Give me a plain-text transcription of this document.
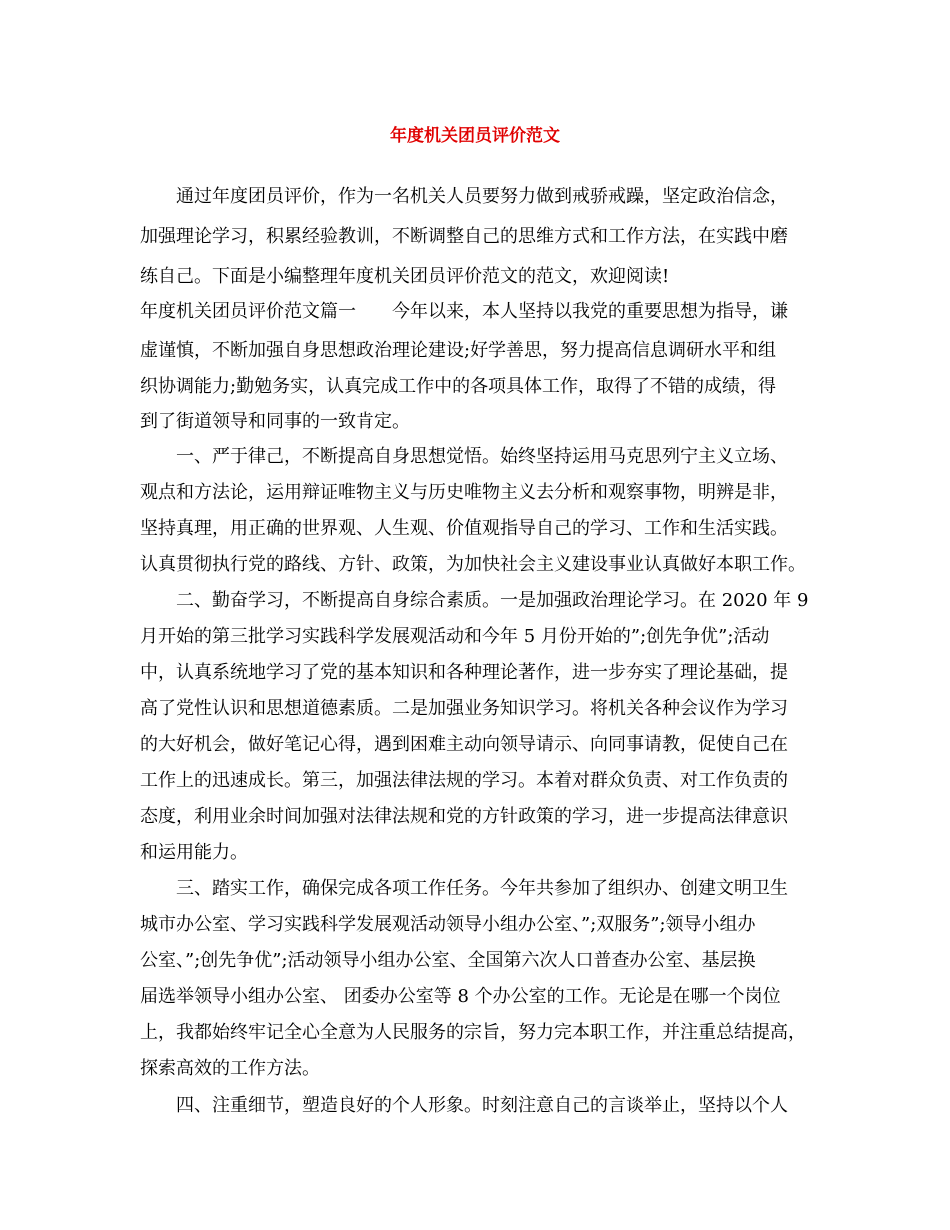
年度机关团员评价范文
　　通过年度团员评价，作为一名机关人员要努力做到戒骄戒躁，坚定政治信念，
加强理论学习，积累经验教训，不断调整自己的思维方式和工作方法，在实践中磨
练自己。下面是小编整理年度机关团员评价范文的范文，欢迎阅读!
年度机关团员评价范文篇一　　今年以来，本人坚持以我党的重要思想为指导，谦
虚谨慎，不断加强自身思想政治理论建设;好学善思，努力提高信息调研水平和组
织协调能力;勤勉务实，认真完成工作中的各项具体工作，取得了不错的成绩，得
到了街道领导和同事的一致肯定。
　　一、严于律己，不断提高自身思想觉悟。始终坚持运用马克思列宁主义立场、
观点和方法论，运用辩证唯物主义与历史唯物主义去分析和观察事物，明辨是非，
坚持真理，用正确的世界观、人生观、价值观指导自己的学习、工作和生活实践。
认真贯彻执行党的路线、方针、政策，为加快社会主义建设事业认真做好本职工作。
　　二、勤奋学习，不断提高自身综合素质。一是加强政治理论学习。在 2020 年 9
月开始的第三批学习实践科学发展观活动和今年 5 月份开始的”;创先争优”;活动
中，认真系统地学习了党的基本知识和各种理论著作，进一步夯实了理论基础，提
高了党性认识和思想道德素质。二是加强业务知识学习。将机关各种会议作为学习
的大好机会，做好笔记心得，遇到困难主动向领导请示、向同事请教，促使自己在
工作上的迅速成长。第三，加强法律法规的学习。本着对群众负责、对工作负责的
态度，利用业余时间加强对法律法规和党的方针政策的学习，进一步提高法律意识
和运用能力。
　　三、踏实工作，确保完成各项工作任务。今年共参加了组织办、创建文明卫生
城市办公室、学习实践科学发展观活动领导小组办公室、”;双服务”;领导小组办
公室、”;创先争优”;活动领导小组办公室、全国第六次人口普查办公室、基层换
届选举领导小组办公室、 团委办公室等 8 个办公室的工作。无论是在哪一个岗位
上，我都始终牢记全心全意为人民服务的宗旨，努力完本职工作，并注重总结提高，
探索高效的工作方法。
　　四、注重细节，塑造良好的个人形象。时刻注意自己的言谈举止，坚持以个人
